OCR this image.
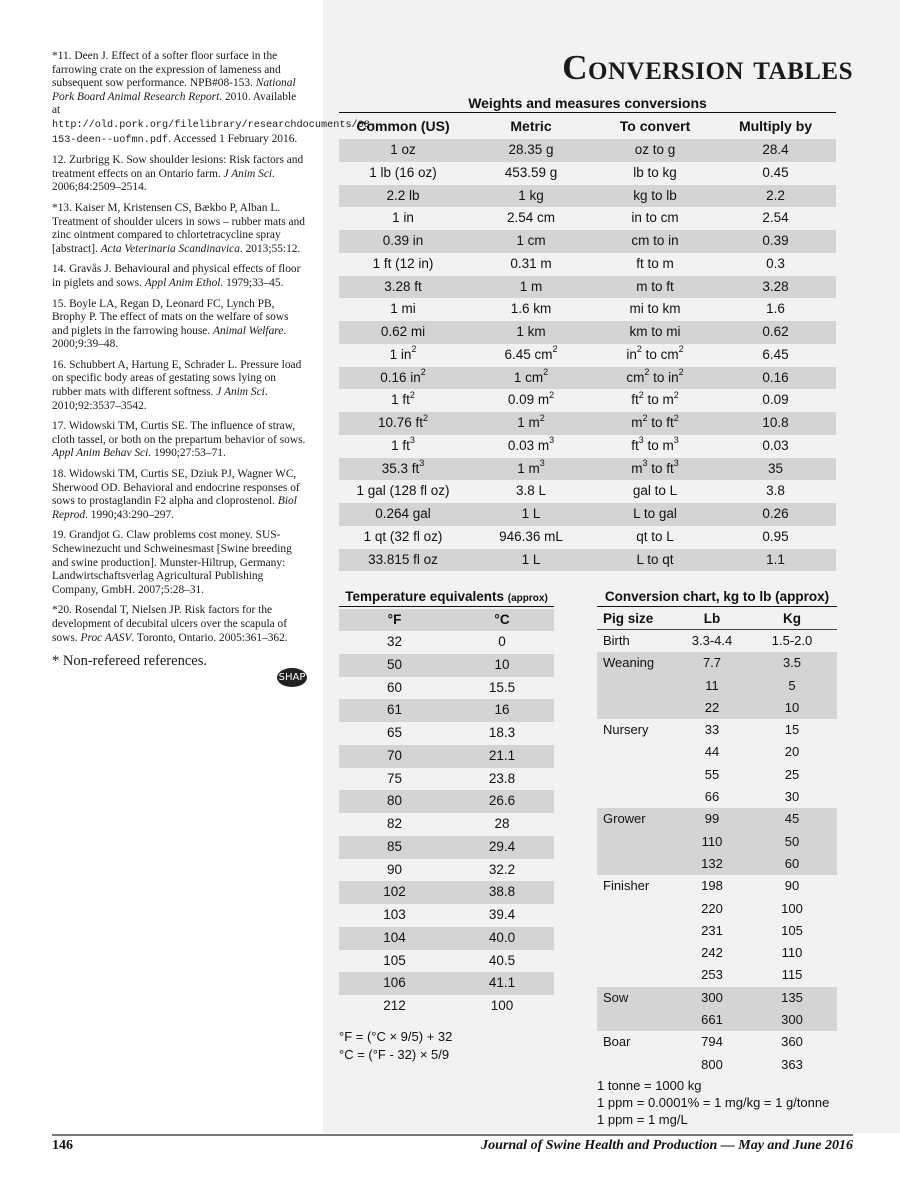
*11. Deen J. Effect of a softer floor surface in the farrowing crate on the expression of lameness and subsequent sow performance. NPB#08-153. National Pork Board Animal Research Report. 2010. Available at http://old.pork.org/filelibrary/researchdocuments/08-153-deen--uofmn.pdf. Accessed 1 February 2016.
12. Zurbrigg K. Sow shoulder lesions: Risk factors and treatment effects on an Ontario farm. J Anim Sci. 2006;84:2509–2514.
*13. Kaiser M, Kristensen CS, Bækbo P, Alban L. Treatment of shoulder ulcers in sows – rubber mats and zinc ointment compared to chlortetracycline spray [abstract]. Acta Veterinaria Scandinavica. 2013;55:12.
14. Gravås J. Behavioural and physical effects of floor in piglets and sows. Appl Anim Ethol. 1979;33–45.
15. Boyle LA, Regan D, Leonard FC, Lynch PB, Brophy P. The effect of mats on the welfare of sows and piglets in the farrowing house. Animal Welfare. 2000;9:39–48.
16. Schubbert A, Hartung E, Schrader L. Pressure load on specific body areas of gestating sows lying on rubber mats with different softness. J Anim Sci. 2010;92:3537–3542.
17. Widowski TM, Curtis SE. The influence of straw, cloth tassel, or both on the prepartum behavior of sows. Appl Anim Behav Sci. 1990;27:53–71.
18. Widowski TM, Curtis SE, Dziuk PJ, Wagner WC, Sherwood OD. Behavioral and endocrine responses of sows to prostaglandin F2 alpha and cloprostenol. Biol Reprod. 1990;43:290–297.
19. Grandjot G. Claw problems cost money. SUS-Schewinezucht und Schweinesmast [Swine breeding and swine production]. Munster-Hiltrup, Germany: Landwirtschaftsverlag Agricultural Publishing Company, GmbH. 2007;5:28–31.
*20. Rosendal T, Nielsen JP. Risk factors for the development of decubital ulcers over the scapula of sows. Proc AASV. Toronto, Ontario. 2005:361–362.
* Non-refereed references.
SHAP
Conversion tables
Weights and measures conversions
Common (US)	Metric	To convert	Multiply by
1 oz	28.35 g	oz to g	28.4
1 lb (16 oz)	453.59 g	lb to kg	0.45
2.2 lb	1 kg	kg to lb	2.2
1 in	2.54 cm	in to cm	2.54
0.39 in	1 cm	cm to in	0.39
1 ft (12 in)	0.31 m	ft to m	0.3
3.28 ft	1 m	m to ft	3.28
1 mi	1.6 km	mi to km	1.6
0.62 mi	1 km	km to mi	0.62
1 $in^2$	6.45 $cm^2$	$in^2$ to $cm^2$	6.45
0.16 $in^2$	1 $cm^2$	$cm^2$ to $in^2$	0.16
1 $ft^2$	0.09 $m^2$	$ft^2$ to $m^2$	0.09
10.76 $ft^2$	1 $m^2$	$m^2$ to $ft^2$	10.8
1 $ft^3$	0.03 $m^3$	$ft^3$ to $m^3$	0.03
35.3 $ft^3$	1 $m^3$	$m^3$ to $ft^3$	35
1 gal (128 fl oz)	3.8 L	gal to L	3.8
0.264 gal	1 L	L to gal	0.26
1 qt (32 fl oz)	946.36 mL	qt to L	0.95
33.815 fl oz	1 L	L to qt	1.1
Temperature equivalents (approx)
°F	°C
32	0
50	10
60	15.5
61	16
65	18.3
70	21.1
75	23.8
80	26.6
82	28
85	29.4
90	32.2
102	38.8
103	39.4
104	40.0
105	40.5
106	41.1
212	100
°F = (°C × 9/5) + 32
°C = (°F - 32) × 5/9
Conversion chart, kg to lb (approx)
Pig size	Lb	Kg
Birth	3.3-4.4	1.5-2.0
Weaning	7.7	3.5
11	5
22	10
Nursery	33	15
44	20
55	25
66	30
Grower	99	45
110	50
132	60
Finisher	198	90
220	100
231	105
242	110
253	115
Sow	300	135
661	300
Boar	794	360
800	363
1 tonne = 1000 kg
1 ppm = 0.0001% = 1 mg/kg = 1 g/tonne
1 ppm = 1 mg/L
146	Journal of Swine Health and Production — May and June 2016
